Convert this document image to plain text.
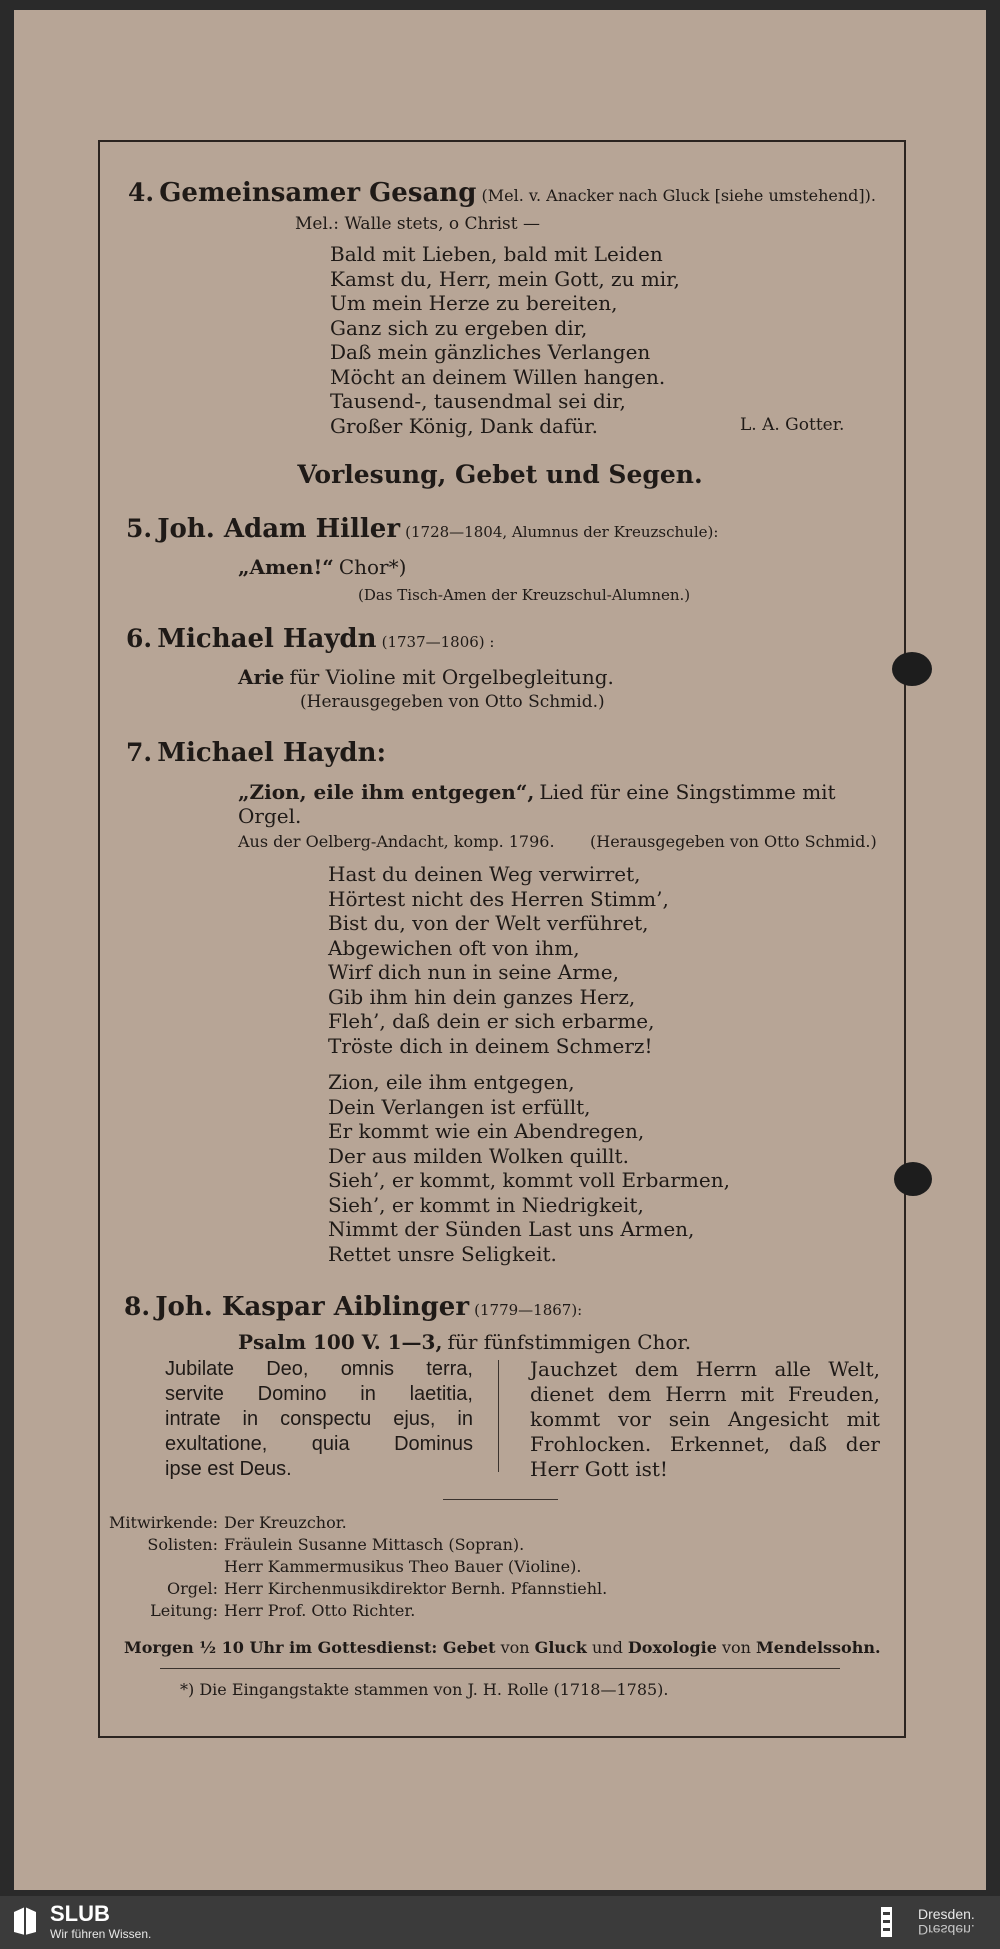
4. Gemeinsamer Gesang (Mel. v. Anacker nach Gluck [siehe umstehend]).
Mel.: Walle stets, o Christ —
Bald mit Lieben, bald mit Leiden
Kamst du, Herr, mein Gott, zu mir,
Um mein Herze zu bereiten,
Ganz sich zu ergeben dir,
Daß mein gänzliches Verlangen
Möcht an deinem Willen hangen.
Tausend-, tausendmal sei dir,
Großer König, Dank dafür.	L. A. Gotter.
Vorlesung, Gebet und Segen.
5. Joh. Adam Hiller (1728—1804, Alumnus der Kreuzschule):
„Amen!“ Chor*)
(Das Tisch-Amen der Kreuzschul-Alumnen.)
6. Michael Haydn (1737—1806) :
Arie für Violine mit Orgelbegleitung.
(Herausgegeben von Otto Schmid.)
7. Michael Haydn:
„Zion, eile ihm entgegen“, Lied für eine Singstimme mit
Orgel.
Aus der Oelberg-Andacht, komp. 1796. (Herausgegeben von Otto Schmid.)
Hast du deinen Weg verwirret,
Hörtest nicht des Herren Stimm’,
Bist du, von der Welt verführet,
Abgewichen oft von ihm,
Wirf dich nun in seine Arme,
Gib ihm hin dein ganzes Herz,
Fleh’, daß dein er sich erbarme,
Tröste dich in deinem Schmerz!
Zion, eile ihm entgegen,
Dein Verlangen ist erfüllt,
Er kommt wie ein Abendregen,
Der aus milden Wolken quillt.
Sieh’, er kommt, kommt voll Erbarmen,
Sieh’, er kommt in Niedrigkeit,
Nimmt der Sünden Last uns Armen,
Rettet unsre Seligkeit.
8. Joh. Kaspar Aiblinger (1779—1867):
Psalm 100 V. 1—3, für fünfstimmigen Chor.
Jubilate Deo, omnis terra,
servite Domino in laetitia,
intrate in conspectu ejus, in
exultatione, quia Dominus
ipse est Deus.
Jauchzet dem Herrn alle Welt,
dienet dem Herrn mit Freuden,
kommt vor sein Angesicht mit
Frohlocken. Erkennet, daß der
Herr Gott ist!
Mitwirkende: Der Kreuzchor.
Solisten: Fräulein Susanne Mittasch (Sopran).
Herr Kammermusikus Theo Bauer (Violine).
Orgel: Herr Kirchenmusikdirektor Bernh. Pfannstiehl.
Leitung: Herr Prof. Otto Richter.
Morgen ½ 10 Uhr im Gottesdienst: Gebet von Gluck und Doxologie von Mendelssohn.
*) Die Eingangstakte stammen von J. H. Rolle (1718—1785).
SLUB
Wir führen Wissen.
Dresden.
Dresden.
